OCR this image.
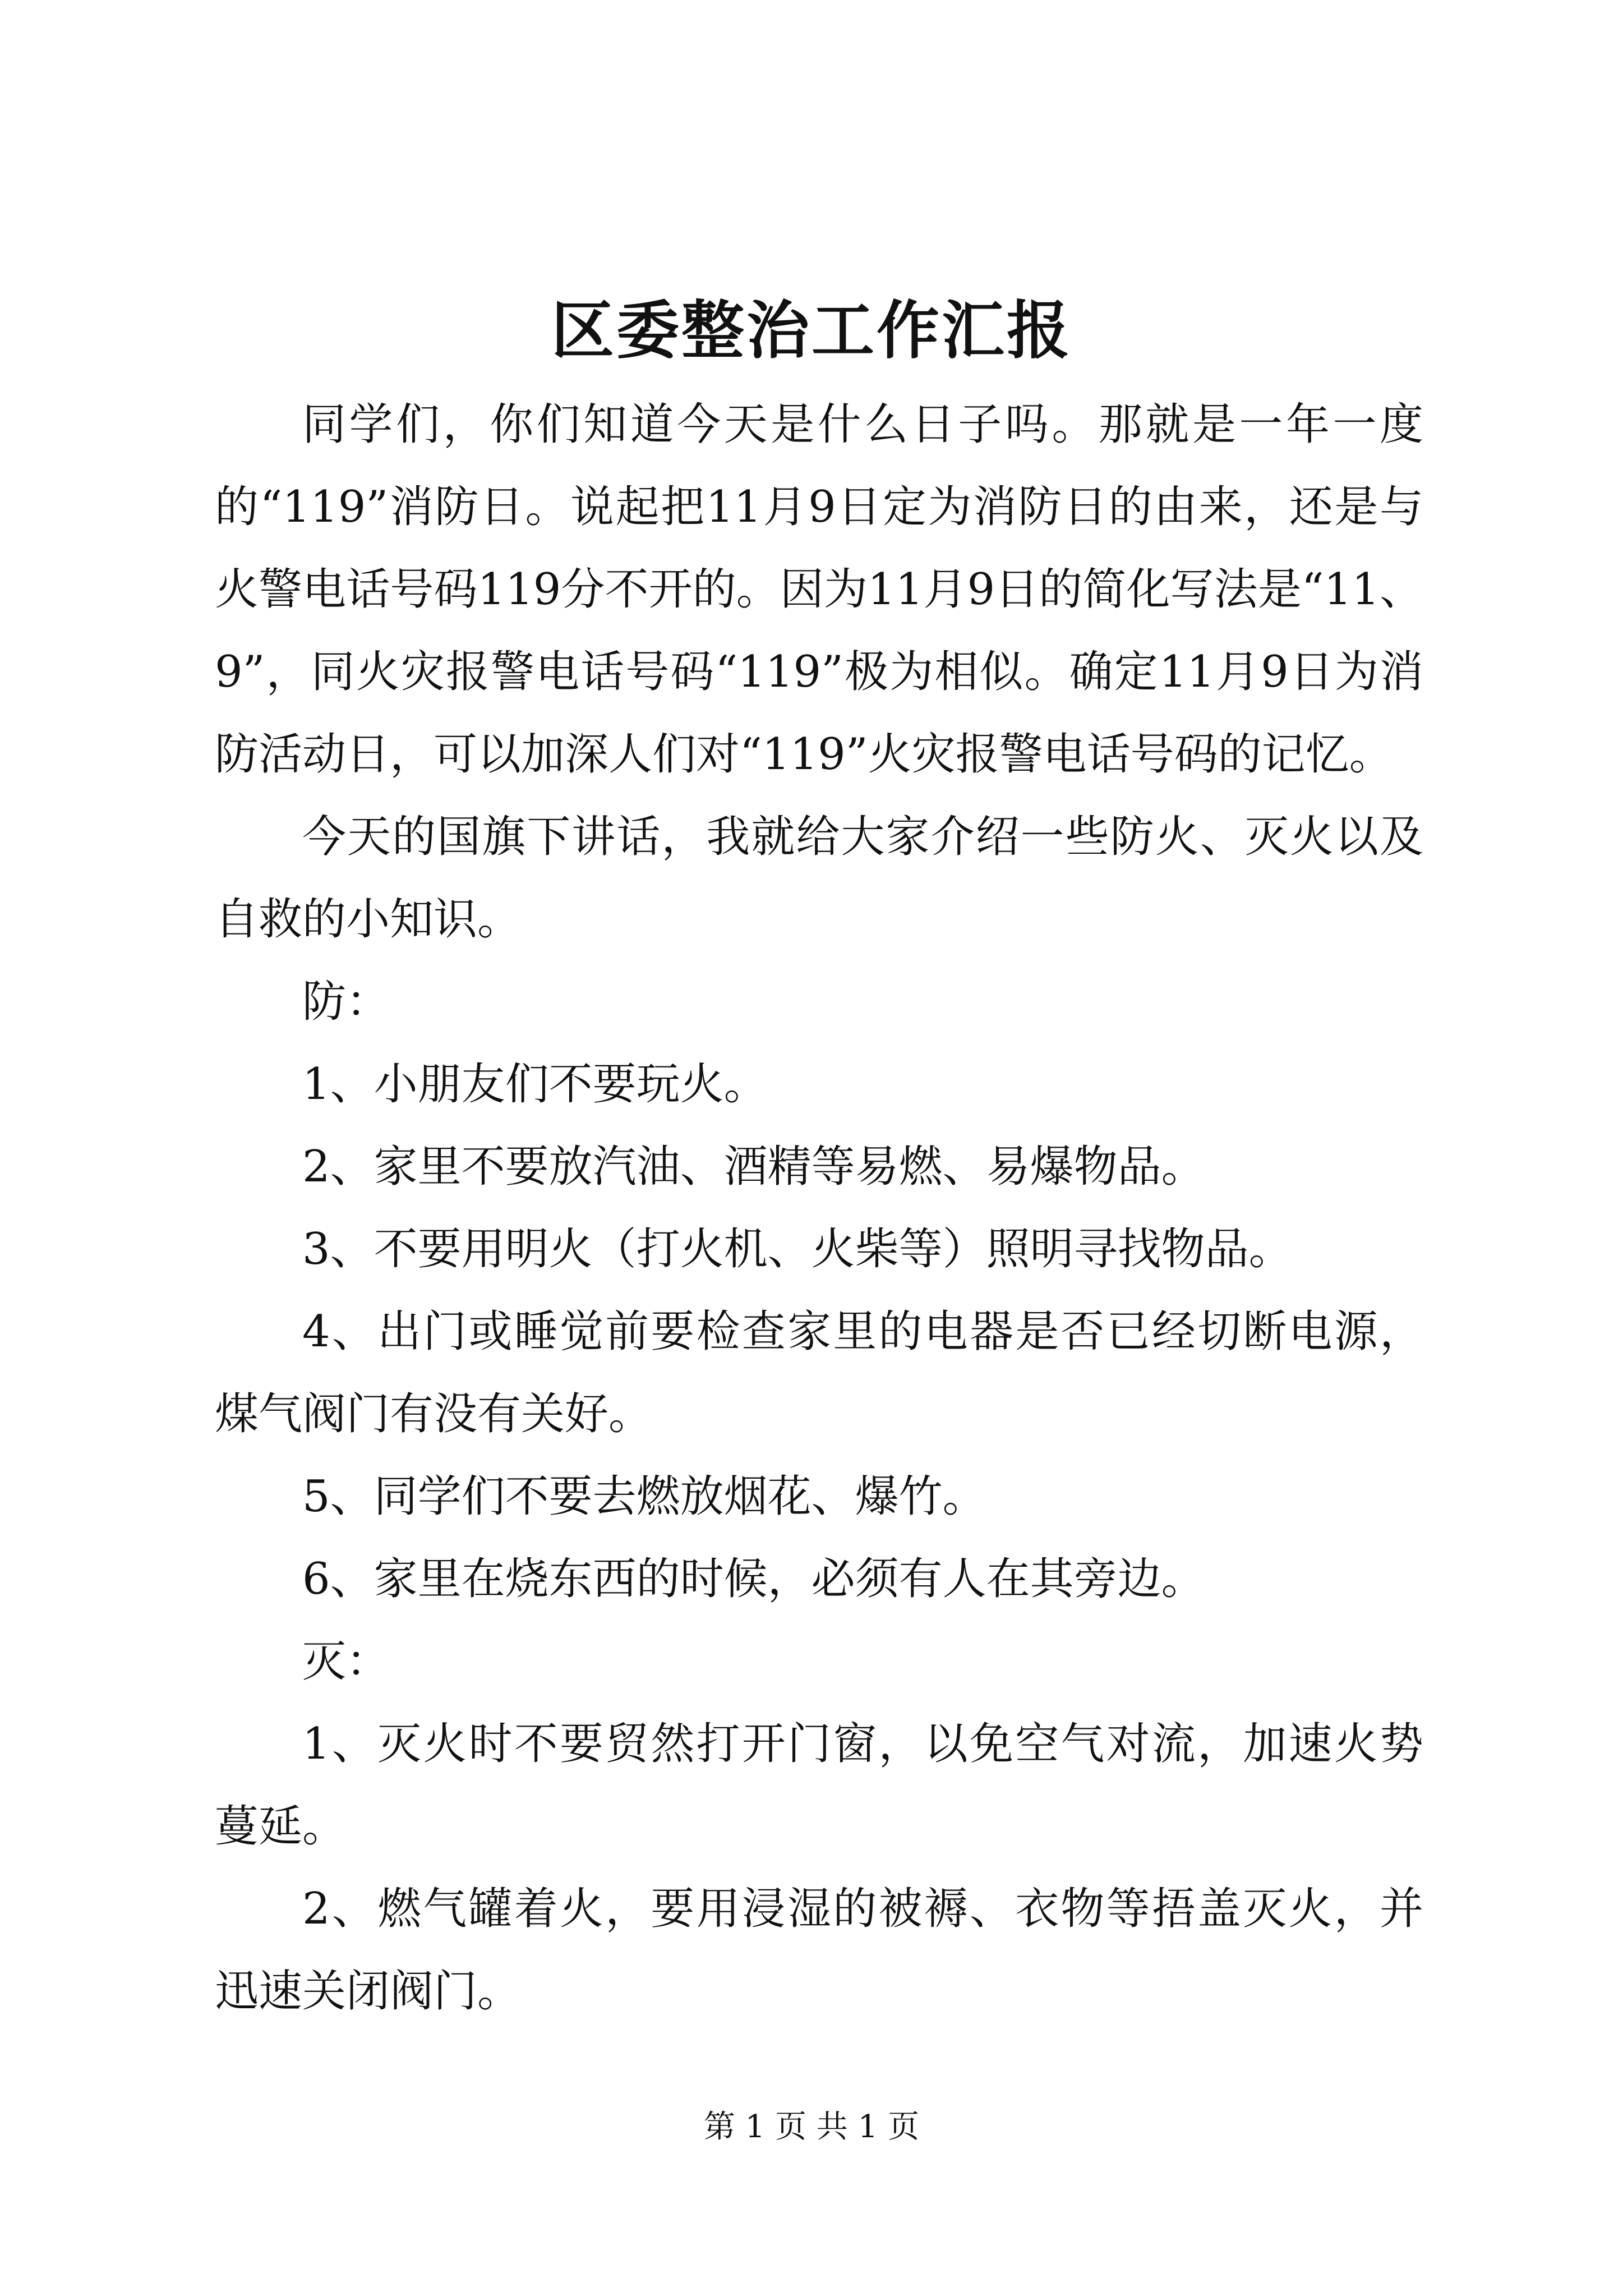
区委整治工作汇报

同学们，你们知道今天是什么日子吗。那就是一年一度的“119”消防日。说起把11月9日定为消防日的由来，还是与火警电话号码119分不开的。因为11月9日的简化写法是“11、9”，同火灾报警电话号码“119”极为相似。确定11月9日为消防活动日，可以加深人们对“119”火灾报警电话号码的记忆。

今天的国旗下讲话，我就给大家介绍一些防火、灭火以及自救的小知识。

防：

1、小朋友们不要玩火。

2、家里不要放汽油、酒精等易燃、易爆物品。

3、不要用明火（打火机、火柴等）照明寻找物品。

4、出门或睡觉前要检查家里的电器是否已经切断电源，煤气阀门有没有关好。

5、同学们不要去燃放烟花、爆竹。

6、家里在烧东西的时候，必须有人在其旁边。

灭：

1、灭火时不要贸然打开门窗，以免空气对流，加速火势蔓延。

2、燃气罐着火，要用浸湿的被褥、衣物等捂盖灭火，并迅速关闭阀门。

第 1 页 共 1 页
